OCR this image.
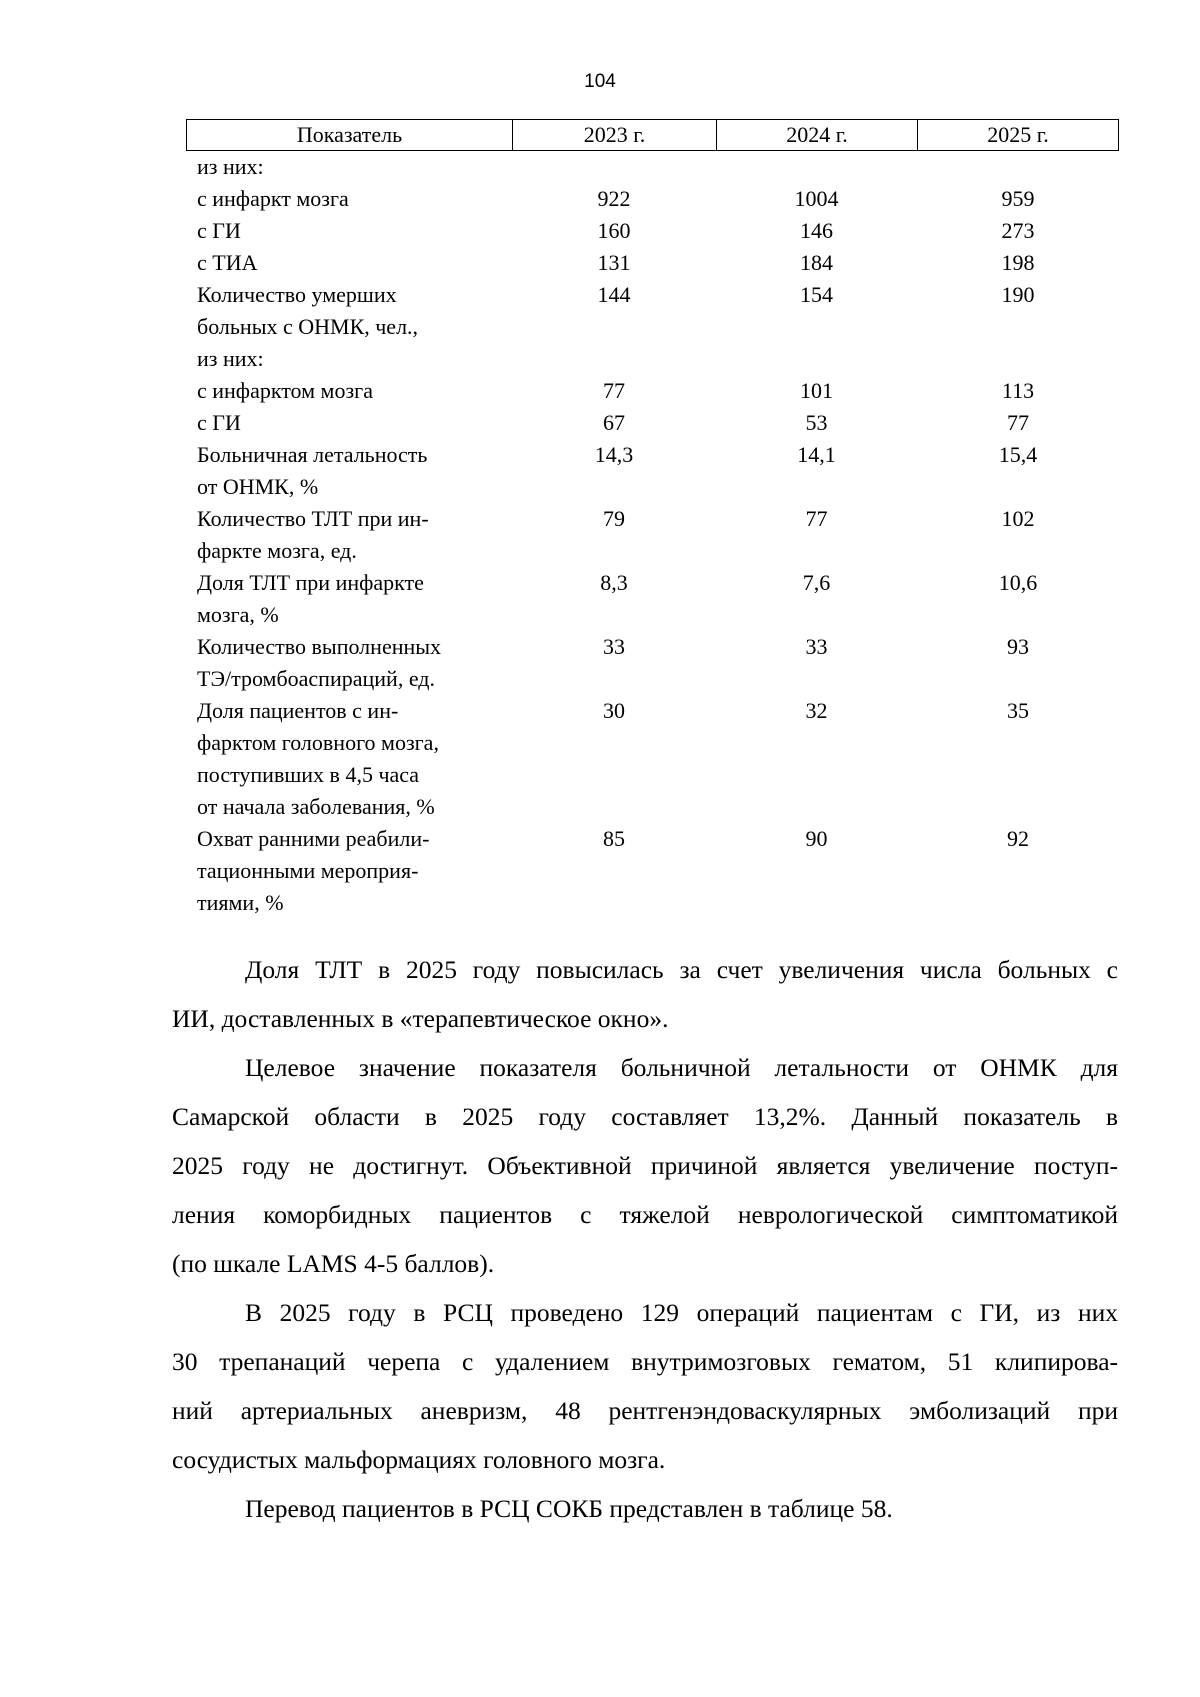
104
Показатель	2023 г.	2024 г.	2025 г.
из них:
с инфаркт мозга	922	1004	959
с ГИ	160	146	273
с ТИА	131	184	198
Количество умерших
больных с ОНМК, чел.,
из них:
144	154	190
с инфарктом мозга	77	101	113
с ГИ	67	53	77
Больничная летальность
от ОНМК, %
14,3	14,1	15,4
Количество ТЛТ при ин-
фаркте мозга, ед.
79	77	102
Доля ТЛТ при инфаркте
мозга, %
8,3	7,6	10,6
Количество выполненных
ТЭ/тромбоаспираций, ед.
33	33	93
Доля пациентов с ин-
фарктом головного мозга,
поступивших в 4,5 часа
от начала заболевания, %
30	32	35
Охват ранними реабили-
тационными мероприя-
тиями, %
85	90	92
Доля ТЛТ в 2025 году повысилась за счет увеличения числа больных с
ИИ, доставленных в «терапевтическое окно».
Целевое значение показателя больничной летальности от ОНМК для
Самарской области в 2025 году составляет 13,2%. Данный показатель в
2025 году не достигнут. Объективной причиной является увеличение поступ-
ления коморбидных пациентов с тяжелой неврологической симптоматикой
(по шкале LAMS 4-5 баллов).
В 2025 году в РСЦ проведено 129 операций пациентам с ГИ, из них
30 трепанаций черепа с удалением внутримозговых гематом, 51 клипирова-
ний артериальных аневризм, 48 рентгенэндоваскулярных эмболизаций при
сосудистых мальформациях головного мозга.
Перевод пациентов в РСЦ СОКБ представлен в таблице 58.
